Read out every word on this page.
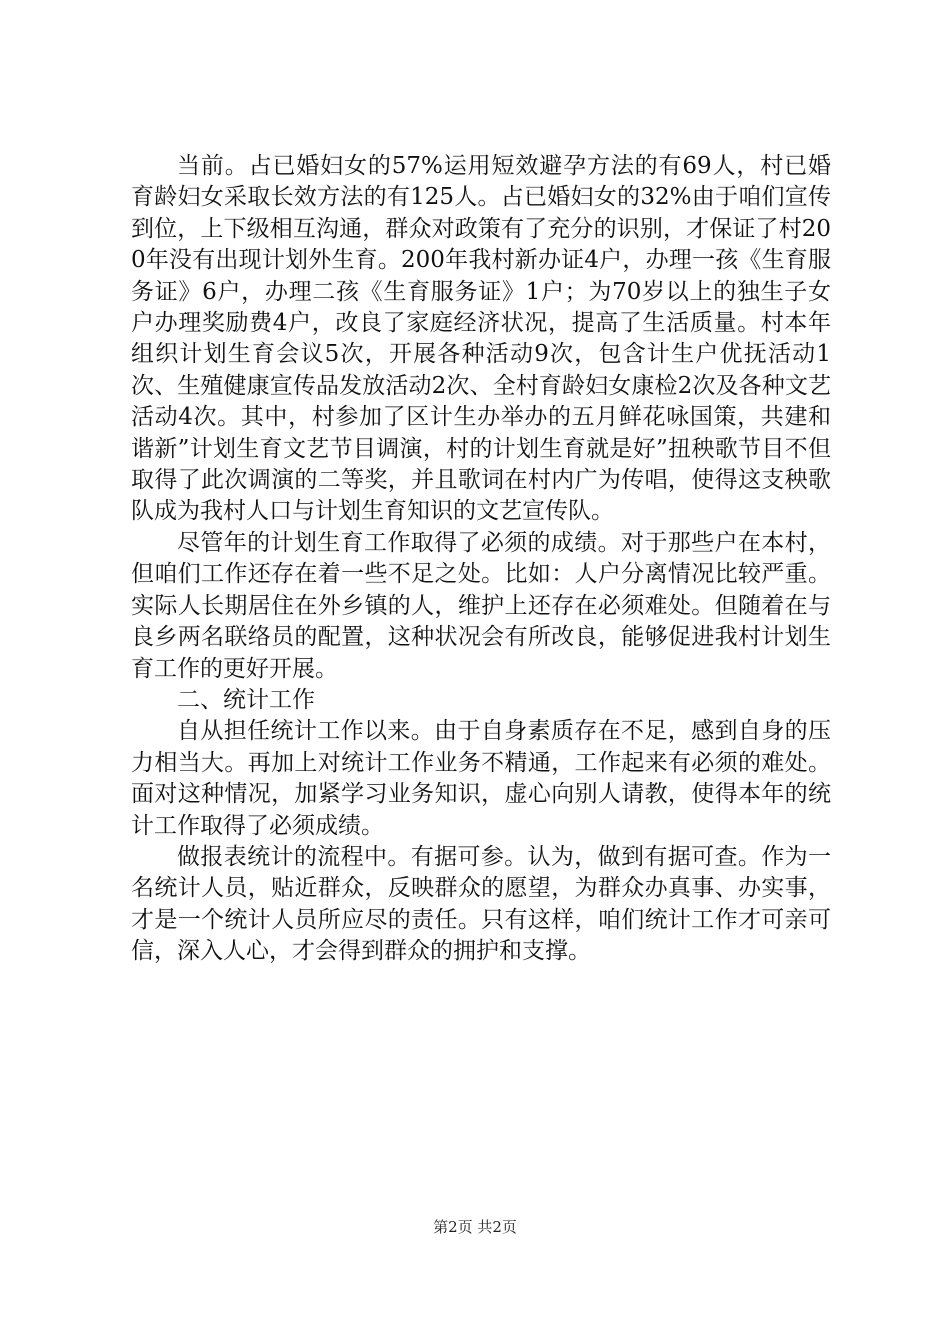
当前。占已婚妇女的57%运用短效避孕方法的有69人，村已婚育龄妇女采取长效方法的有125人。占已婚妇女的32%由于咱们宣传到位，上下级相互沟通，群众对政策有了充分的识别，才保证了村200年没有出现计划外生育。200年我村新办证4户，办理一孩《生育服务证》6户，办理二孩《生育服务证》1户；为70岁以上的独生子女户办理奖励费4户，改良了家庭经济状况，提高了生活质量。村本年组织计划生育会议5次，开展各种活动9次，包含计生户优抚活动1次、生殖健康宣传品发放活动2次、全村育龄妇女康检2次及各种文艺活动4次。其中，村参加了区计生办举办的五月鲜花咏国策，共建和谐新”计划生育文艺节目调演，村的计划生育就是好”扭秧歌节目不但取得了此次调演的二等奖，并且歌词在村内广为传唱，使得这支秧歌队成为我村人口与计划生育知识的文艺宣传队。

尽管年的计划生育工作取得了必须的成绩。对于那些户在本村，但咱们工作还存在着一些不足之处。比如：人户分离情况比较严重。实际人长期居住在外乡镇的人，维护上还存在必须难处。但随着在与良乡两名联络员的配置，这种状况会有所改良，能够促进我村计划生育工作的更好开展。

二、统计工作

自从担任统计工作以来。由于自身素质存在不足，感到自身的压力相当大。再加上对统计工作业务不精通，工作起来有必须的难处。面对这种情况，加紧学习业务知识，虚心向别人请教，使得本年的统计工作取得了必须成绩。

做报表统计的流程中。有据可参。认为，做到有据可查。作为一名统计人员，贴近群众，反映群众的愿望，为群众办真事、办实事，才是一个统计人员所应尽的责任。只有这样，咱们统计工作才可亲可信，深入人心，才会得到群众的拥护和支撑。

第2页 共2页
